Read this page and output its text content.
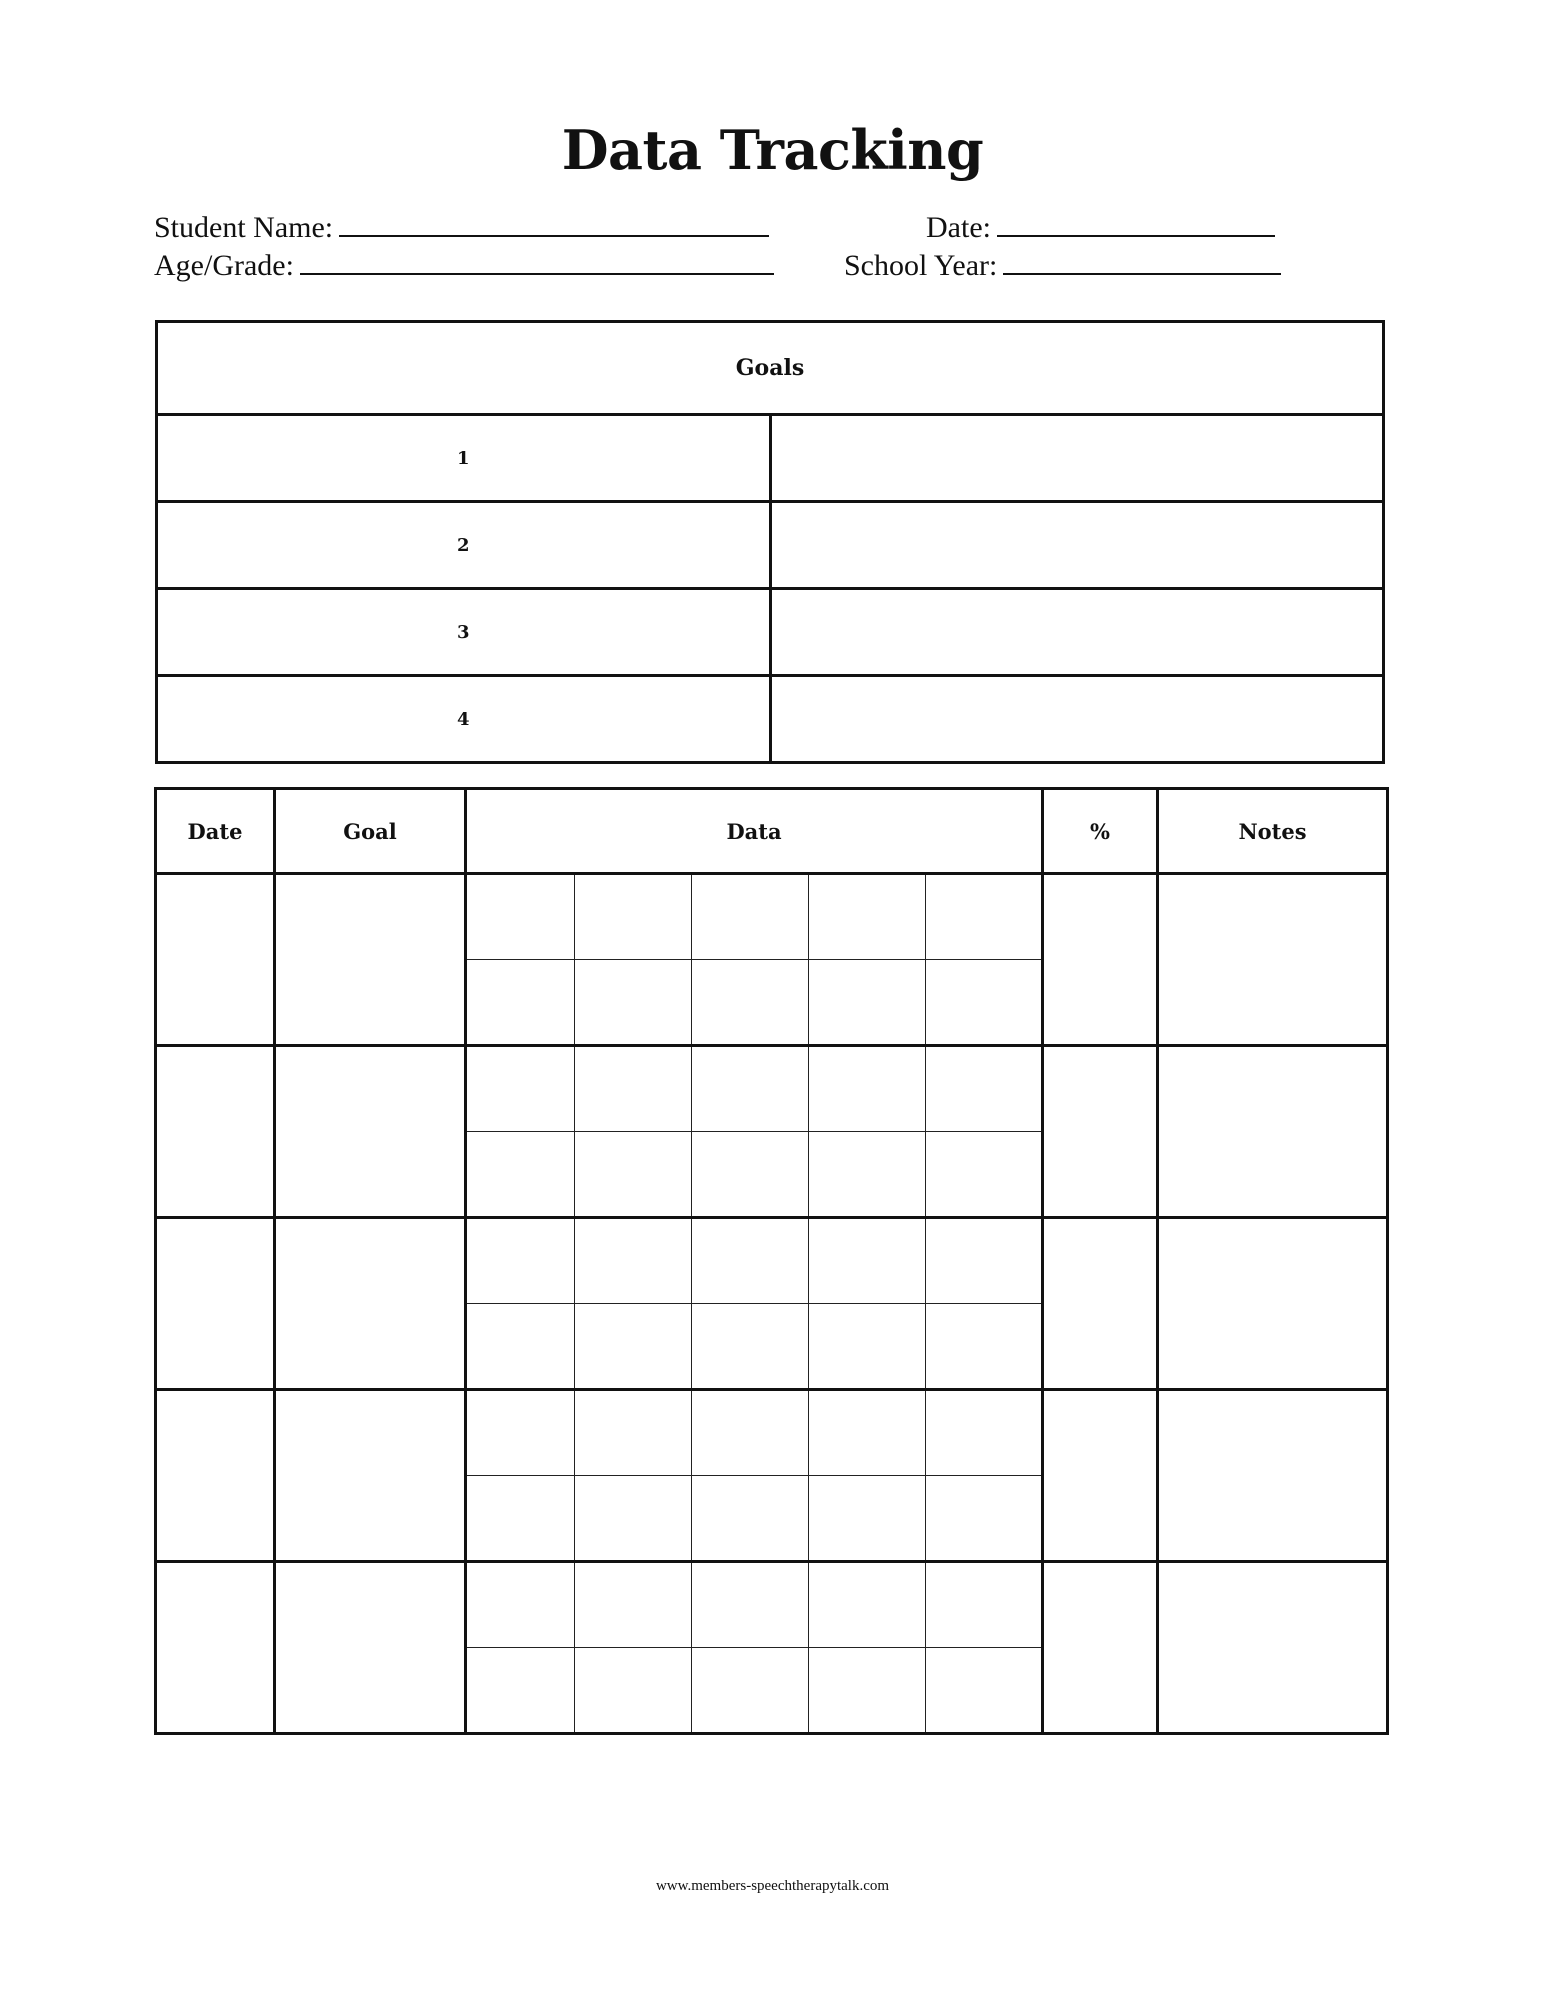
Data Tracking
Student Name:
Age/Grade:
Date:
School Year:
Goals	
1	
2	
3	
4	
Date	Goal	Data					%	Notes

www.members-speechtherapytalk.com
